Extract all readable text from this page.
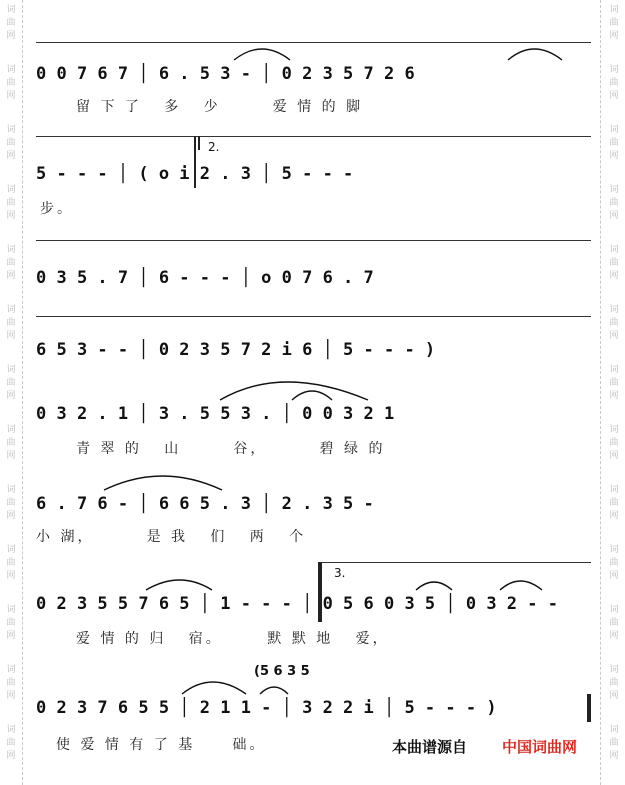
词
曲
网
词
曲
网
词
曲
网
词
曲
网
词
曲
网
词
曲
网
词
曲
网
词
曲
网
词
曲
网
词
曲
网
词
曲
网
词
曲
网
词
曲
网
词
曲
网
词
曲
网
词
曲
网
词
曲
网
词
曲
网
词
曲
网
词
曲
网
词
曲
网
词
曲
网
词
曲
网
词
曲
网
词
曲
网
词
曲
网
0 0 7 6 7 │ 6 . 5 3 - │ 0 2 3 5 7 2 6
留 下 了   多   少       爱 情 的 脚
2.
5 - - - │ ( o i 2 . 3 │ 5 - - -
步。
0 3 5 . 7 │ 6 - - - │ o 0 7 6 . 7
6 5 3 - - │ 0 2 3 5 7 2 i 6 │ 5 - - - )
0 3 2 . 1 │ 3 . 5 5 3 . │ 0 0 3 2 1
青 翠 的   山       谷，       碧 绿 的
6 . 7 6 - │ 6 6 5 . 3 │ 2 . 3 5 -
小 湖，       是 我   们   两   个
3.
0 2 3 5 5 7 6 5 │ 1 - - - │ 0 5 6 0 3 5 │ 0 3 2 - -
爱 情 的 归   宿。      默 默 地   爱，
(5 6 3 5
0 2 3 7 6 5 5 │ 2 1 1 - │ 3 2 2 i │ 5 - - - )
使 爱 情 有 了 基     础。	本曲谱源自 中国词曲网
